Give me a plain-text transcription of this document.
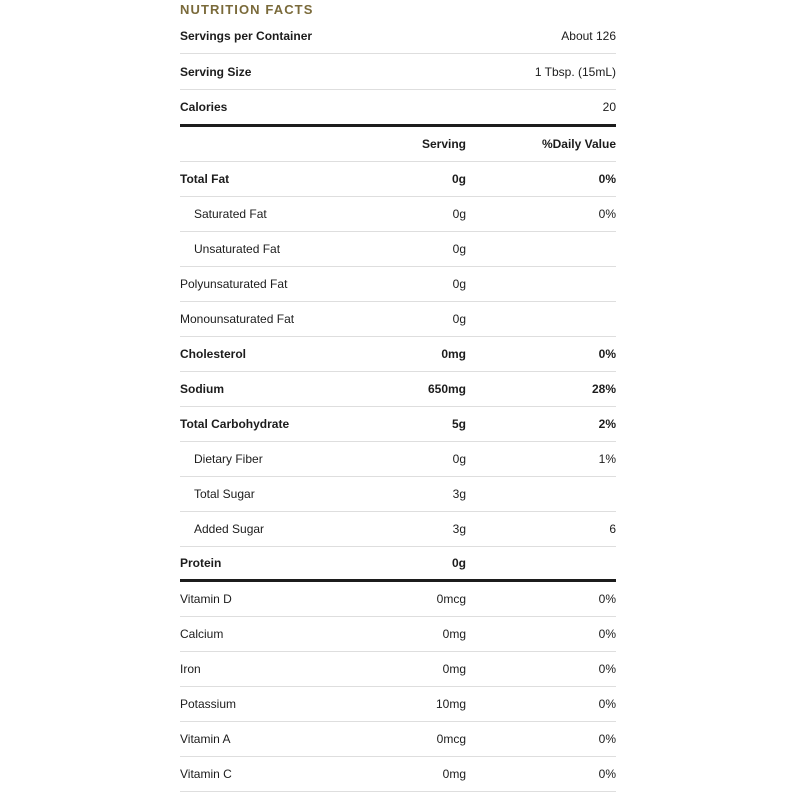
NUTRITION FACTS
Servings per Container	About 126
Serving Size	1 Tbsp. (15mL)
Calories	20
Serving	%Daily Value
Total Fat	0g	0%
Saturated Fat	0g	0%
Unsaturated Fat	0g
Polyunsaturated Fat	0g
Monounsaturated Fat	0g
Cholesterol	0mg	0%
Sodium	650mg	28%
Total Carbohydrate	5g	2%
Dietary Fiber	0g	1%
Total Sugar	3g
Added Sugar	3g	6
Protein	0g
Vitamin D	0mcg	0%
Calcium	0mg	0%
Iron	0mg	0%
Potassium	10mg	0%
Vitamin A	0mcg	0%
Vitamin C	0mg	0%
